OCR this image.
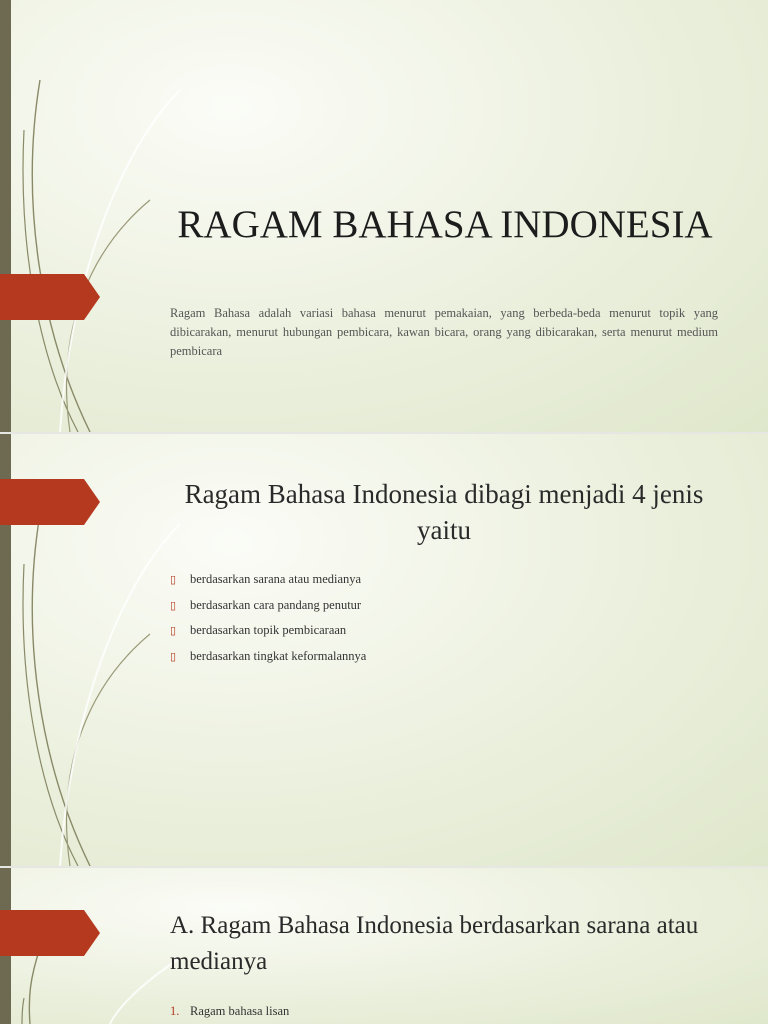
RAGAM BAHASA INDONESIA
Ragam Bahasa adalah variasi bahasa menurut pemakaian, yang berbeda-beda menurut topik yang dibicarakan, menurut hubungan pembicara, kawan bicara, orang yang dibicarakan, serta menurut medium pembicara
Ragam Bahasa Indonesia dibagi menjadi 4 jenis yaitu
▯ berdasarkan sarana atau medianya
▯ berdasarkan cara pandang penutur
▯ berdasarkan topik pembicaraan
▯ berdasarkan tingkat keformalannya
A. Ragam Bahasa Indonesia berdasarkan sarana atau medianya
1. Ragam bahasa lisan
